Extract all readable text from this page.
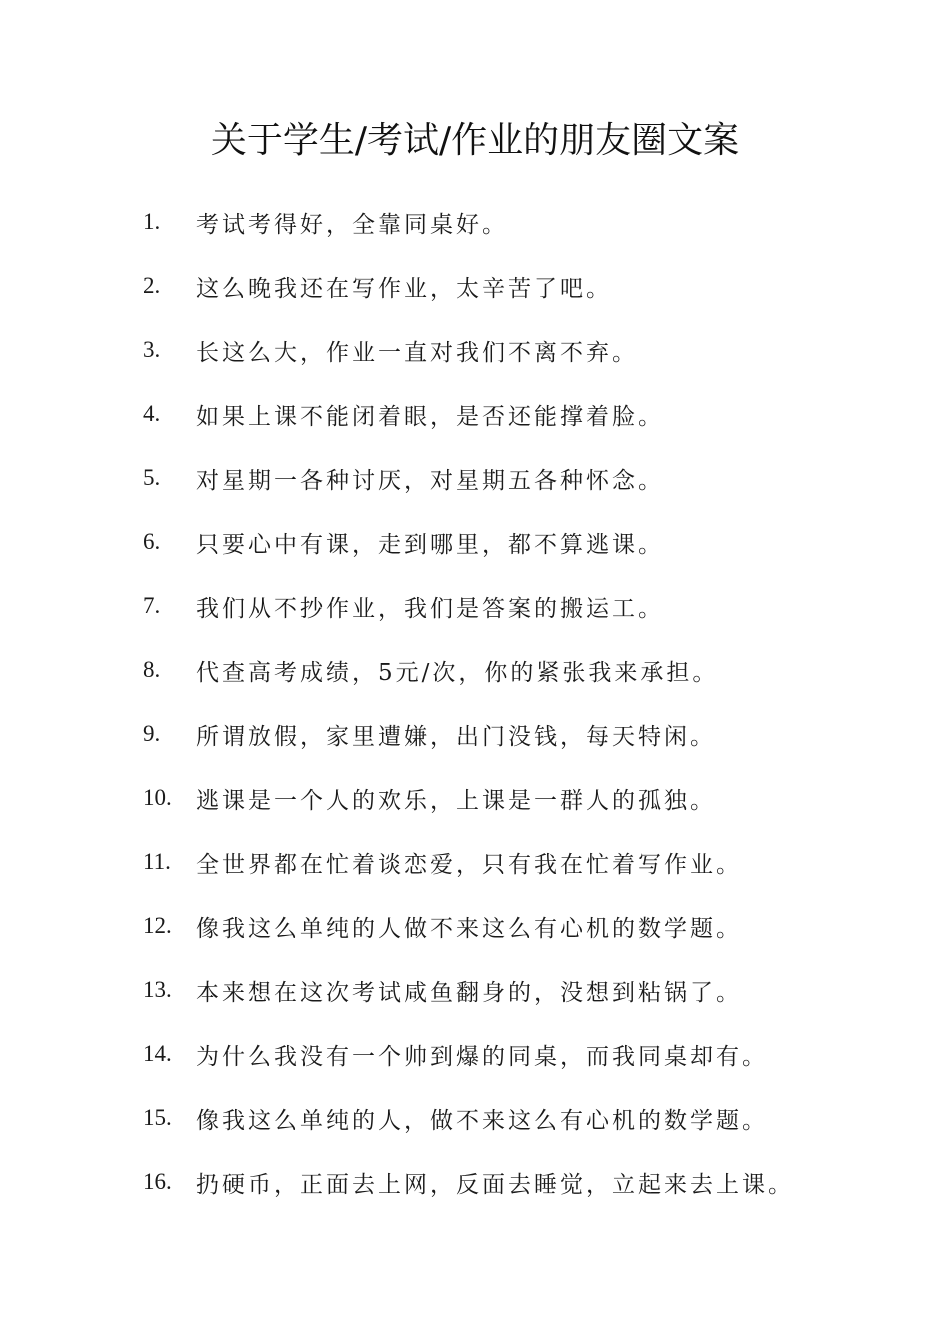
关于学生/考试/作业的朋友圈文案
1.	考试考得好，全靠同桌好。
2.	这么晚我还在写作业，太辛苦了吧。
3.	长这么大，作业一直对我们不离不弃。
4.	如果上课不能闭着眼，是否还能撑着脸。
5.	对星期一各种讨厌，对星期五各种怀念。
6.	只要心中有课，走到哪里，都不算逃课。
7.	我们从不抄作业，我们是答案的搬运工。
8.	代查高考成绩，5元/次，你的紧张我来承担。
9.	所谓放假，家里遭嫌，出门没钱，每天特闲。
10.	逃课是一个人的欢乐，上课是一群人的孤独。
11.	全世界都在忙着谈恋爱，只有我在忙着写作业。
12.	像我这么单纯的人做不来这么有心机的数学题。
13.	本来想在这次考试咸鱼翻身的，没想到粘锅了。
14.	为什么我没有一个帅到爆的同桌，而我同桌却有。
15.	像我这么单纯的人，做不来这么有心机的数学题。
16.	扔硬币，正面去上网，反面去睡觉，立起来去上课。
